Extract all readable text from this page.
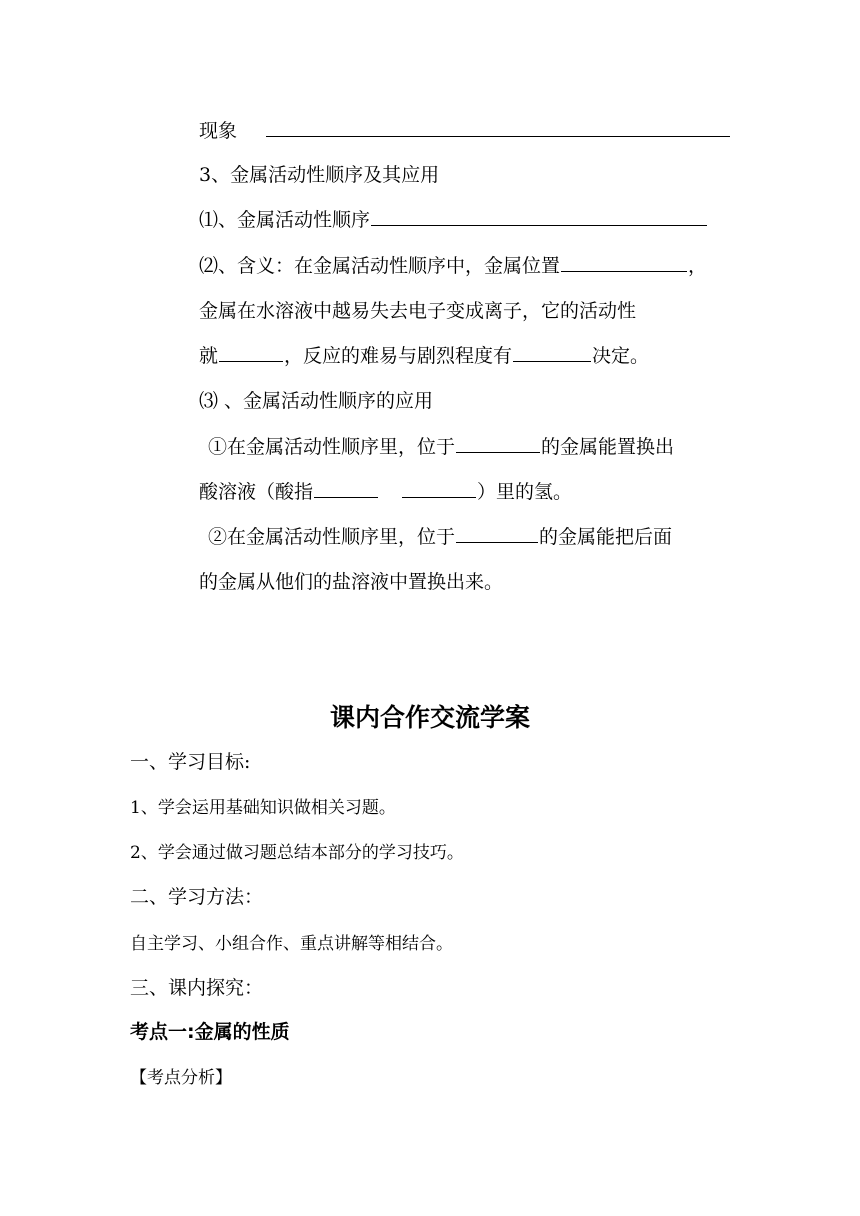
现象
3、金属活动性顺序及其应用
⑴、金属活动性顺序
⑵、含义：在金属活动性顺序中，金属位置	，
金属在水溶液中越易失去电子变成离子，它的活动性
就	，反应的难易与剧烈程度有	决定。
⑶ 、金属活动性顺序的应用
①在金属活动性顺序里，位于	的金属能置换出
酸溶液（酸指	）里的氢。
②在金属活动性顺序里，位于	的金属能把后面
的金属从他们的盐溶液中置换出来。
课内合作交流学案
一、学习目标:
1、学会运用基础知识做相关习题。
2、学会通过做习题总结本部分的学习技巧。
二、学习方法：
自主学习、小组合作、重点讲解等相结合。
三、课内探究：
考点一:金属的性质
【考点分析】
